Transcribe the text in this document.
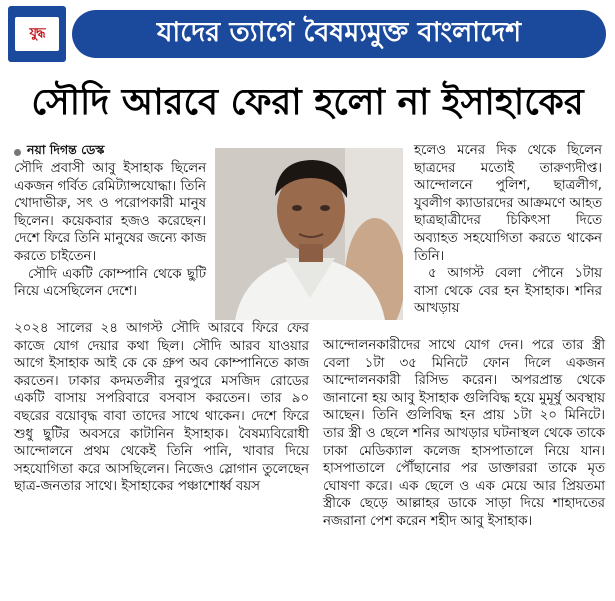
যুদ্ধ	যাদের ত্যাগে বৈষম্যমুক্ত বাংলাদেশ
সৌদি আরবে ফেরা হলো না ইসাহাকের
নয়া দিগন্ত ডেস্ক

সৌদি প্রবাসী আবু ইসাহাক ছিলেন একজন গর্বিত রেমিট্যান্সযোদ্ধা। তিনি খোদাভীরু, সৎ ও পরোপকারী মানুষ ছিলেন। কয়েকবার হজও করেছেন। দেশে ফিরে তিনি মানুষের জন্যে কাজ করতে চাইতেন।

সৌদি একটি কোম্পানি থেকে ছুটি নিয়ে এসেছিলেন দেশে।

২০২৪ সালের ২৪ আগস্ট সৌদি আরবে ফিরে ফের কাজে যোগ দেয়ার কথা ছিল। সৌদি আরব যাওয়ার আগে ইসাহাক আই কে কে গ্রুপ অব কোম্পানিতে কাজ করতেন। ঢাকার কদমতলীর নুরপুরে মসজিদ রোডের একটি বাসায় সপরিবারে বসবাস করতেন। তার ৯০ বছরের বয়োবৃদ্ধ বাবা তাদের সাথে থাকেন। দেশে ফিরে শুধু ছুটির অবসরে কাটানিন ইসাহাক। বৈষম্যবিরোধী আন্দোলনে প্রথম থেকেই তিনি পানি, খাবার দিয়ে সহযোগিতা করে আসছিলেন। নিজেও স্লোগান তুলেছেন ছাত্র-জনতার সাথে। ইসাহাকের পঞ্চাশোর্ধ্ব বয়স

হলেও মনের দিক থেকে ছিলেন ছাত্রদের মতোই তারুণ্যদীপ্ত। আন্দোলনে পুলিশ, ছাত্রলীগ, যুবলীগ ক্যাডারদের আক্রমণে আহত ছাত্রছাত্রীদের চিকিৎসা দিতে অব্যাহত সহযোগিতা করতে থাকেন তিনি।

৫ আগস্ট বেলা পৌনে ১টায় বাসা থেকে বের হন ইসাহাক। শনির আখড়ায়

আন্দোলনকারীদের সাথে যোগ দেন। পরে তার স্ত্রী বেলা ১টা ৩৫ মিনিটে ফোন দিলে একজন আন্দোলনকারী রিসিভ করেন। অপরপ্রান্ত থেকে জানানো হয় আবু ইসাহাক গুলিবিদ্ধ হয়ে মুমূর্ষু অবস্থায় আছেন। তিনি গুলিবিদ্ধ হন প্রায় ১টা ২০ মিনিটে। তার স্ত্রী ও ছেলে শনির আখড়ার ঘটনাস্থল থেকে তাকে ঢাকা মেডিক্যাল কলেজ হাসপাতালে নিয়ে যান। হাসপাতালে পৌঁছানোর পর ডাক্তাররা তাকে মৃত ঘোষণা করে। এক ছেলে ও এক মেয়ে আর প্রিয়তমা স্ত্রীকে ছেড়ে আল্লাহর ডাকে সাড়া দিয়ে শাহাদতের নজরানা পেশ করেন শহীদ আবু ইসাহাক।
